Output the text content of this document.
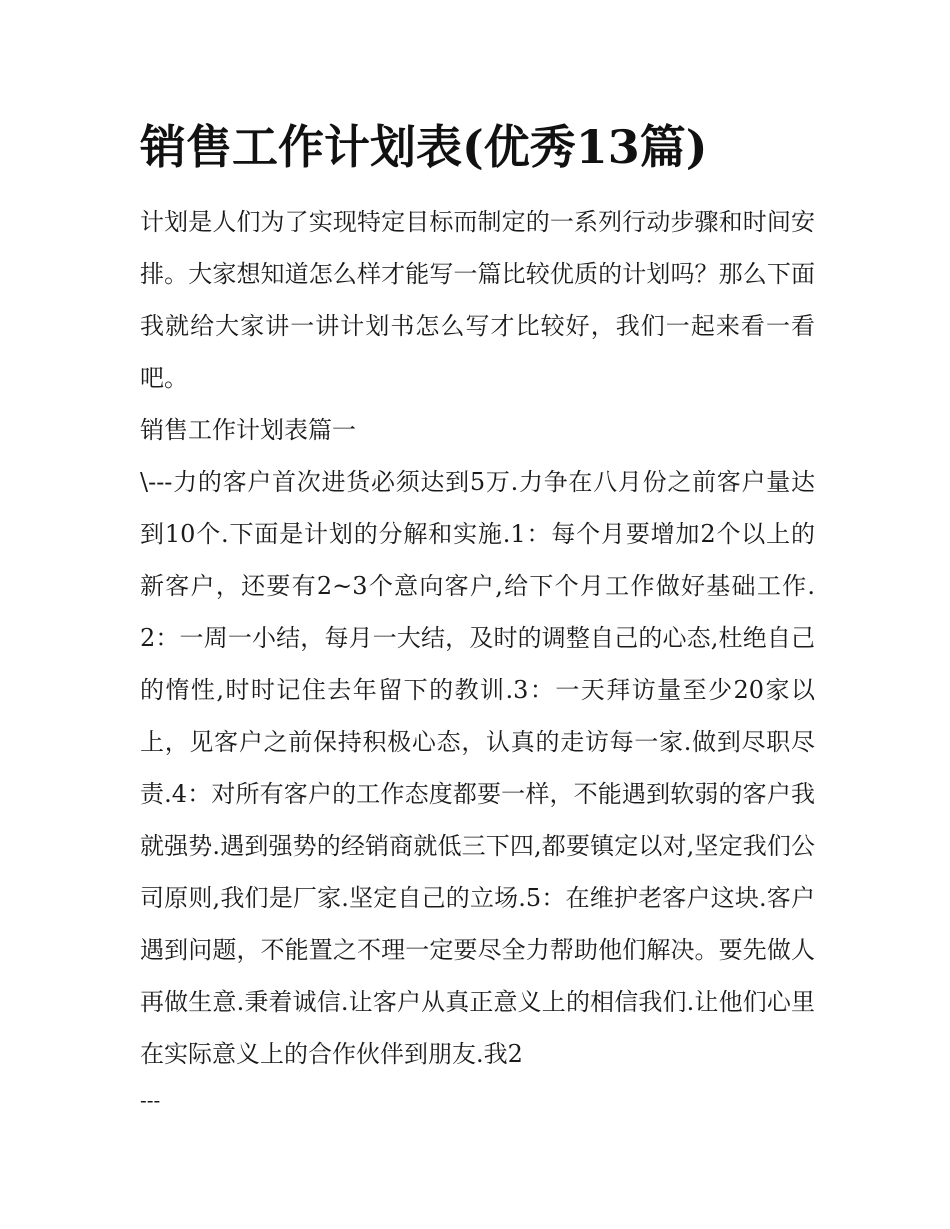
销售工作计划表(优秀13篇)

计划是人们为了实现特定目标而制定的一系列行动步骤和时间安排。大家想知道怎么样才能写一篇比较优质的计划吗？那么下面我就给大家讲一讲计划书怎么写才比较好，我们一起来看一看吧。

销售工作计划表篇一

\---力的客户首次进货必须达到5万.力争在八月份之前客户量达到10个.下面是计划的分解和实施.1：每个月要增加2个以上的新客户，还要有2~3个意向客户,给下个月工作做好基础工作.2：一周一小结，每月一大结，及时的调整自己的心态,杜绝自己的惰性,时时记住去年留下的教训.3：一天拜访量至少20家以上，见客户之前保持积极心态，认真的走访每一家.做到尽职尽责.4：对所有客户的工作态度都要一样，不能遇到软弱的客户我就强势.遇到强势的经销商就低三下四,都要镇定以对,坚定我们公司原则,我们是厂家.坚定自己的立场.5：在维护老客户这块.客户遇到问题，不能置之不理一定要尽全力帮助他们解决。要先做人再做生意.秉着诚信.让客户从真正意义上的相信我们.让他们心里在实际意义上的合作伙伴到朋友.我2

---
